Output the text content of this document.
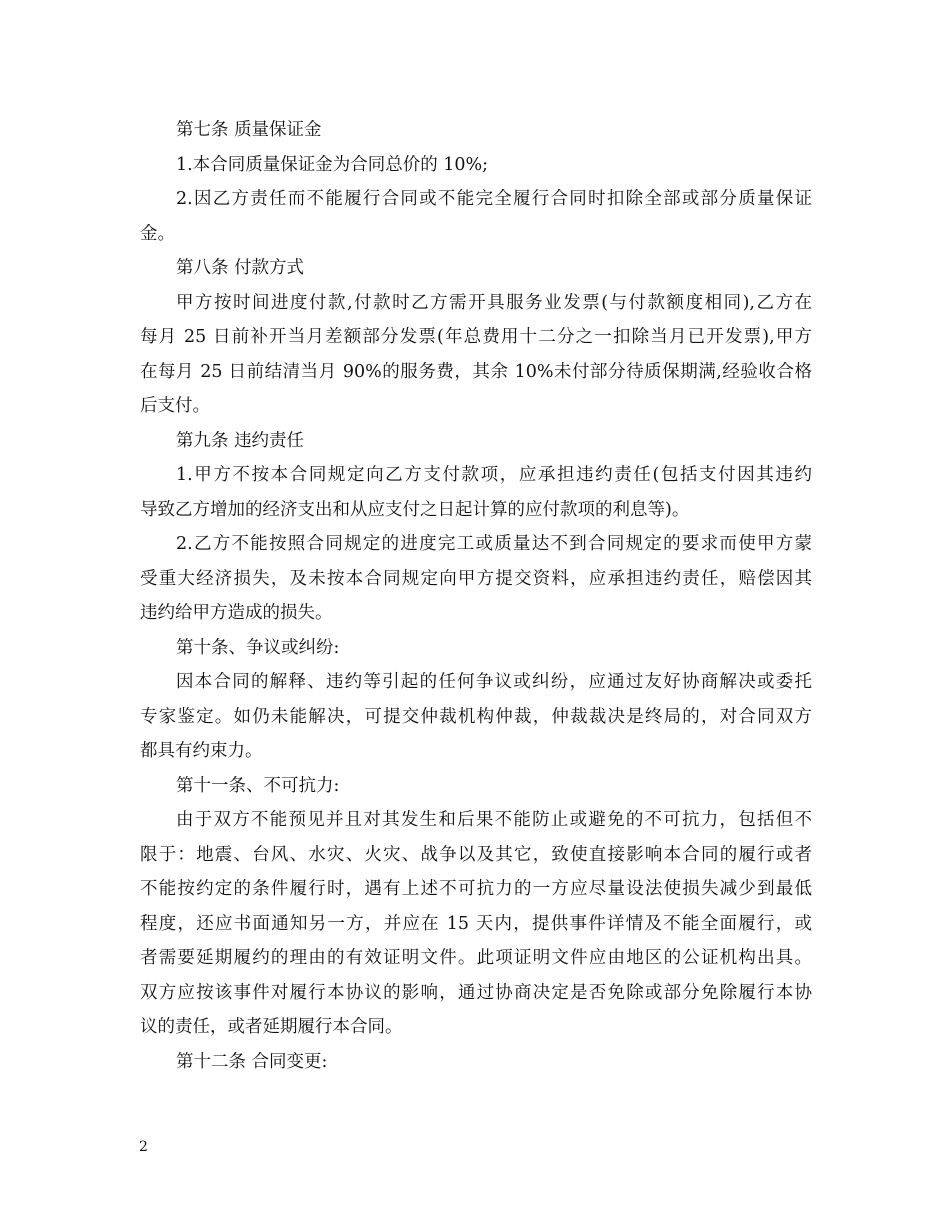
第七条 质量保证金

1.本合同质量保证金为合同总价的 10%;

2.因乙方责任而不能履行合同或不能完全履行合同时扣除全部或部分质量保证

金。

第八条 付款方式

甲方按时间进度付款,付款时乙方需开具服务业发票(与付款额度相同),乙方在

每月 25 日前补开当月差额部分发票(年总费用十二分之一扣除当月已开发票),甲方

在每月 25 日前结清当月 90%的服务费，其余 10%未付部分待质保期满,经验收合格

后支付。

第九条 违约责任

1.甲方不按本合同规定向乙方支付款项，应承担违约责任(包括支付因其违约

导致乙方增加的经济支出和从应支付之日起计算的应付款项的利息等)。

2.乙方不能按照合同规定的进度完工或质量达不到合同规定的要求而使甲方蒙

受重大经济损失，及未按本合同规定向甲方提交资料，应承担违约责任，赔偿因其

违约给甲方造成的损失。

第十条、争议或纠纷:

因本合同的解释、违约等引起的任何争议或纠纷，应通过友好协商解决或委托

专家鉴定。如仍未能解决，可提交仲裁机构仲裁，仲裁裁决是终局的，对合同双方

都具有约束力。

第十一条、不可抗力:

由于双方不能预见并且对其发生和后果不能防止或避免的不可抗力，包括但不

限于：地震、台风、水灾、火灾、战争以及其它，致使直接影响本合同的履行或者

不能按约定的条件履行时，遇有上述不可抗力的一方应尽量设法使损失减少到最低

程度，还应书面通知另一方，并应在 15 天内，提供事件详情及不能全面履行，或

者需要延期履约的理由的有效证明文件。此项证明文件应由地区的公证机构出具。

双方应按该事件对履行本协议的影响，通过协商决定是否免除或部分免除履行本协

议的责任，或者延期履行本合同。

第十二条 合同变更:

2
